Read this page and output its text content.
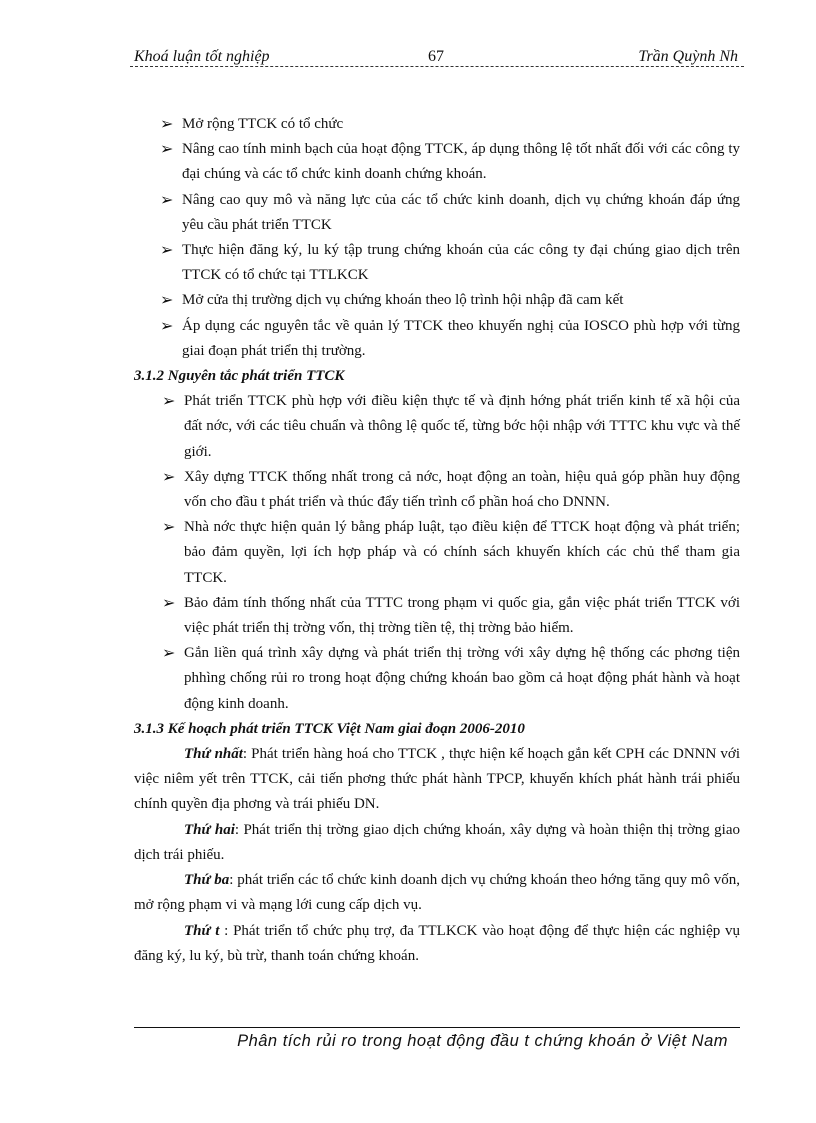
Khoá luận tốt nghiệp	67	Trần Quỳnh Nh
➢ Mở rộng TTCK có tổ chức
➢ Nâng cao tính minh bạch của hoạt động TTCK, áp dụng thông lệ tốt nhất đối với các công ty đại chúng và các tổ chức kinh doanh chứng khoán.
➢ Nâng cao quy mô và năng lực của các tổ chức kinh doanh, dịch vụ chứng khoán đáp ứng yêu cầu phát triển TTCK
➢ Thực hiện đăng ký, lu ký tập trung chứng khoán của các công ty đại chúng giao dịch trên TTCK có tổ chức tại TTLKCK
➢ Mở cửa thị trường dịch vụ chứng khoán theo lộ trình hội nhập đã cam kết
➢ Áp dụng các nguyên tắc về quản lý TTCK theo khuyến nghị của IOSCO phù hợp với từng giai đoạn phát triển thị trường.

3.1.2 Nguyên tắc phát triển TTCK

➢ Phát triển TTCK phù hợp với điều kiện thực tế và định hớng phát triển kinh tế xã hội của đất nớc, với các tiêu chuẩn và thông lệ quốc tế, từng bớc hội nhập với TTTC khu vực và thế giới.
➢ Xây dựng TTCK thống nhất trong cả nớc, hoạt động an toàn, hiệu quả góp phần huy động vốn cho đầu t phát triển và thúc đẩy tiến trình cổ phần hoá cho DNNN.
➢ Nhà nớc thực hiện quản lý bằng pháp luật, tạo điều kiện để TTCK hoạt động và phát triển; bảo đảm quyền, lợi ích hợp pháp và có chính sách khuyến khích các chủ thể tham gia TTCK.
➢ Bảo đảm tính thống nhất của TTTC trong phạm vi quốc gia, gắn việc phát triển TTCK với việc phát triển thị trờng vốn, thị trờng tiền tệ, thị trờng bảo hiểm.
➢ Gắn liền quá trình xây dựng và phát triển thị trờng với xây dựng hệ thống các phơng tiện phhìng chống rủi ro trong hoạt động chứng khoán bao gồm cả hoạt động phát hành và hoạt động kinh doanh.

3.1.3 Kế hoạch phát triển TTCK Việt Nam giai đoạn 2006-2010

Thứ nhất: Phát triển hàng hoá cho TTCK , thực hiện kế hoạch gắn kết CPH các DNNN với việc niêm yết trên TTCK, cải tiến phơng thức phát hành TPCP, khuyến khích phát hành trái phiếu chính quyền địa phơng và trái phiếu DN.

Thứ hai: Phát triển thị trờng giao dịch chứng khoán, xây dựng và hoàn thiện thị trờng giao dịch trái phiếu.

Thứ ba: phát triển các tổ chức kinh doanh dịch vụ chứng khoán theo hớng tăng quy mô vốn, mở rộng phạm vi và mạng lới cung cấp dịch vụ.

Thứ t : Phát triển tổ chức phụ trợ, đa TTLKCK vào hoạt động để thực hiện các nghiệp vụ đăng ký, lu ký, bù trừ, thanh toán chứng khoán.

Phân tích rủi ro trong hoạt động đầu t chứng khoán ở Việt Nam
